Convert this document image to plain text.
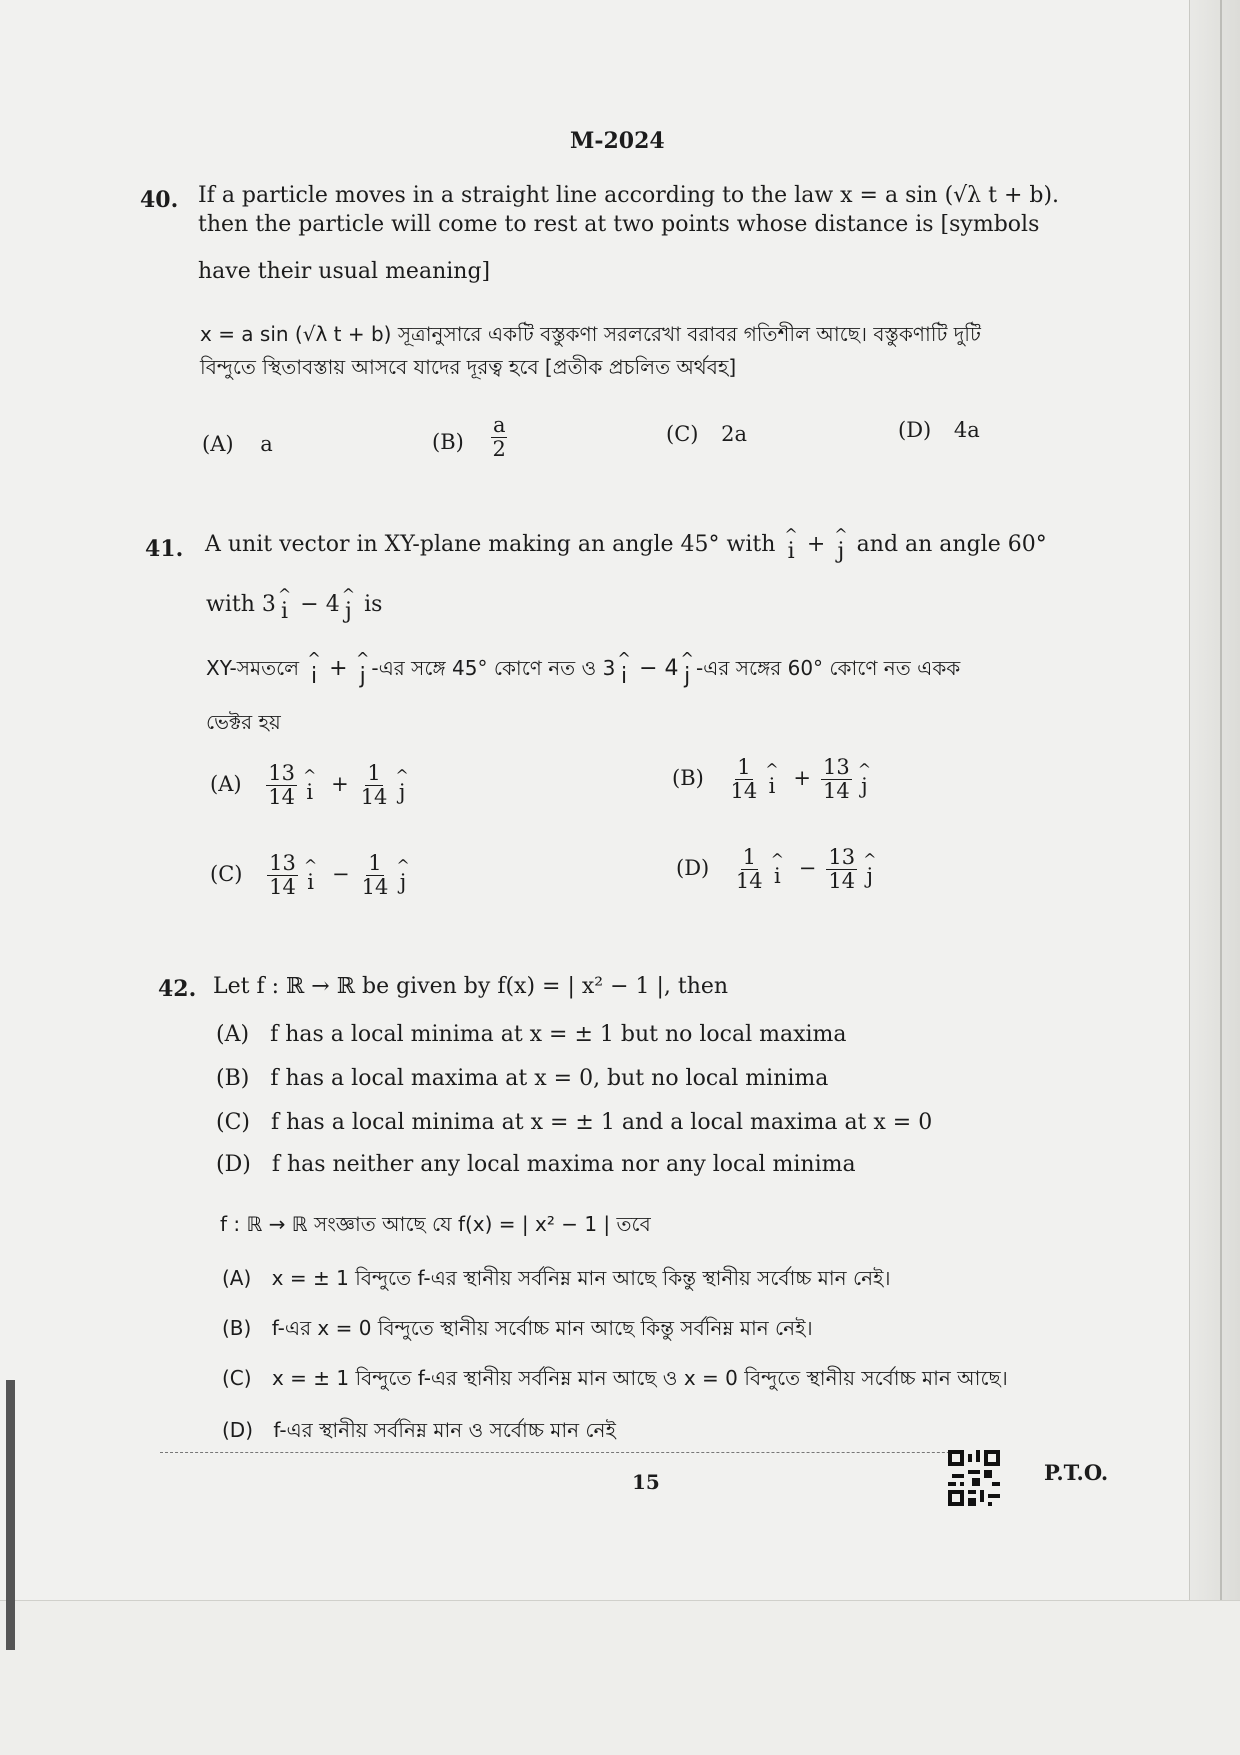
M-2024
40. If a particle moves in a straight line according to the law x = a sin (√λ t + b).
then the particle will come to rest at two points whose distance is [symbols
have their usual meaning]
x = a sin (√λ t + b) সূত্রানুসারে একটি বস্তুকণা সরলরেখা বরাবর গতিশীল আছে। বস্তুকণাটি দুটি
বিন্দুতে স্থিতাবস্তায় আসবে যাদের দূরত্ব হবে [প্রতীক প্রচলিত অর্থবহ]
(A) a	$(B) \frac{a}{2}$	(C) 2a	(D) 4a
41. A unit vector in XY-plane making an angle 45° with ^
i + ^
j and an angle 60°
with 3 ^
i − 4 ^
j is
XY-সমতলে ^
i + ^
j -এর সঙ্গে 45° কোণে নত ও 3 ^
i − 4 ^
j -এর সঙ্গের 60° কোণে নত একক
ভেক্টর হয়
$(A) \frac{13}{14}$ ^
$i + \frac{1}{14}$ ^
j
$(B) \frac{1}{14}$ ^
$i + \frac{13}{14}$ ^
j
$(C) \frac{13}{14}$ ^
$i - \frac{1}{14}$ ^
j
$(D) \frac{1}{14}$ ^
$i - \frac{13}{14}$ ^
j
42. Let f : ℝ → ℝ be given by f(x) = | x² − 1 |, then
(A) f has a local minima at x = ± 1 but no local maxima
(B) f has a local maxima at x = 0, but no local minima
(C) f has a local minima at x = ± 1 and a local maxima at x = 0
(D) f has neither any local maxima nor any local minima
f : ℝ → ℝ সংজ্ঞাত আছে যে f(x) = | x² − 1 | তবে
(A) x = ± 1 বিন্দুতে f-এর স্থানীয় সর্বনিম্ন মান আছে কিন্তু স্থানীয় সর্বোচ্চ মান নেই।
(B) f-এর x = 0 বিন্দুতে স্থানীয় সর্বোচ্চ মান আছে কিন্তু সর্বনিম্ন মান নেই।
(C) x = ± 1 বিন্দুতে f-এর স্থানীয় সর্বনিম্ন মান আছে ও x = 0 বিন্দুতে স্থানীয় সর্বোচ্চ মান আছে।
(D) f-এর স্থানীয় সর্বনিম্ন মান ও সর্বোচ্চ মান নেই
15	P.T.O.
